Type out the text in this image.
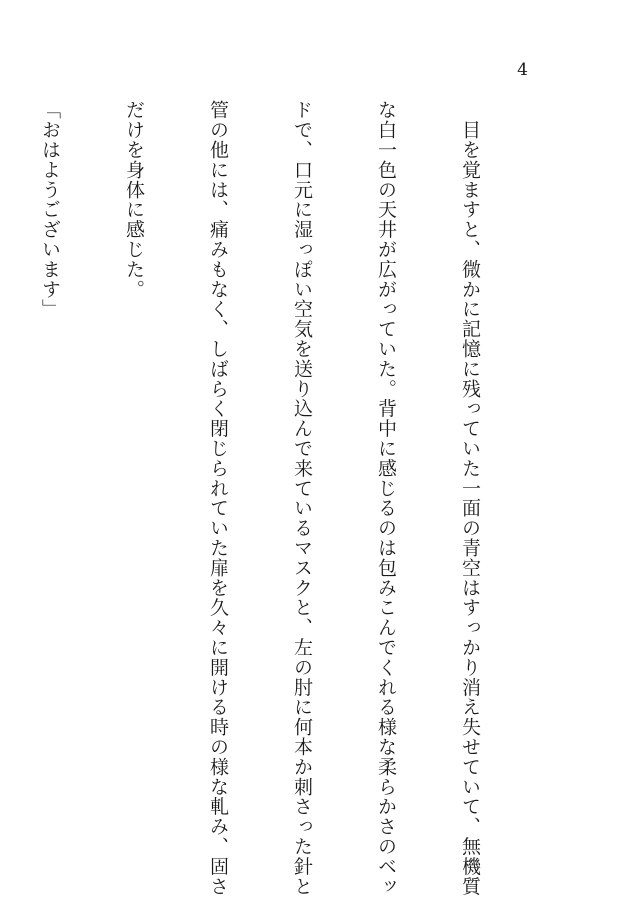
4

　目を覚ますと、微かに記憶に残っていた一面の青空はすっかり消え失せていて、無機質

な白一色の天井が広がっていた。背中に感じるのは包みこんでくれる様な柔らかさのベッ

ドで、口元に湿っぽい空気を送り込んで来ているマスクと、左の肘に何本か刺さった針と

管の他には、痛みもなく、しばらく閉じられていた扉を久々に開ける時の様な軋み、固さ

だけを身体に感じた。

「おはようございます」
